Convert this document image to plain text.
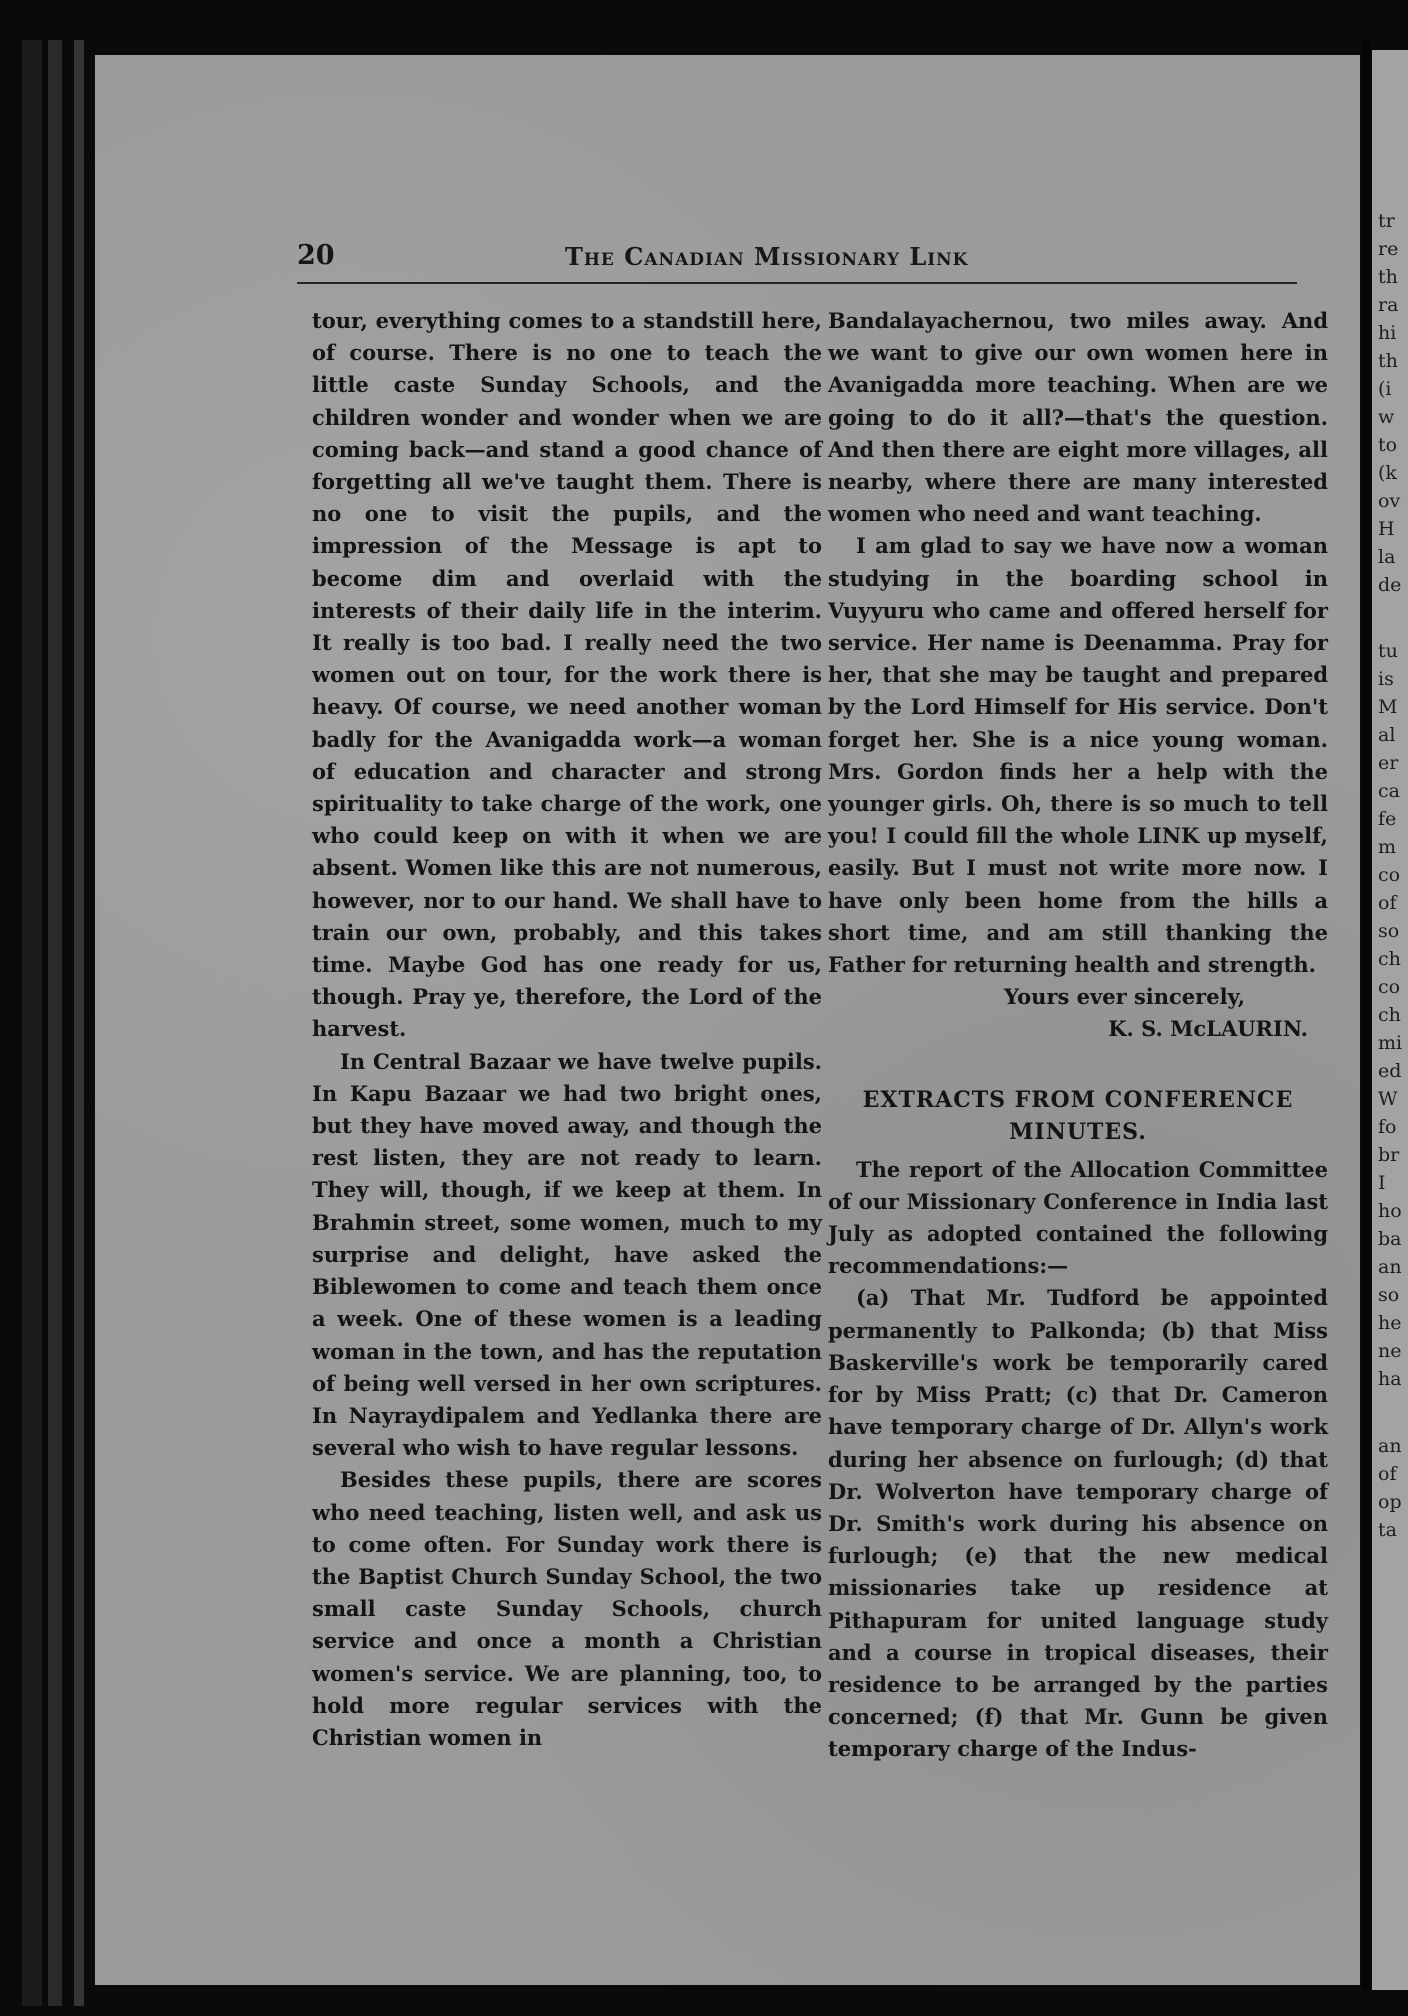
tr
re
th
ra
hi
th
(i
w
to
(k
ov
H
la
de
tu
is
M
al
er
ca
fe
m
co
of
so
ch
co
ch
mi
ed
W
fo
br
I
ho
ba
an
so
he
ne
ha
an
of
op
ta
20	The Canadian Missionary Link

tour, everything comes to a standstill here, of course. There is no one to teach the little caste Sunday Schools, and the children wonder and wonder when we are coming back—and stand a good chance of forgetting all we've taught them. There is no one to visit the pupils, and the impression of the Message is apt to become dim and overlaid with the interests of their daily life in the interim. It really is too bad. I really need the two women out on tour, for the work there is heavy. Of course, we need another woman badly for the Avanigadda work—a woman of education and character and strong spirituality to take charge of the work, one who could keep on with it when we are absent. Women like this are not numerous, however, nor to our hand. We shall have to train our own, probably, and this takes time. Maybe God has one ready for us, though. Pray ye, therefore, the Lord of the harvest.

In Central Bazaar we have twelve pupils. In Kapu Bazaar we had two bright ones, but they have moved away, and though the rest listen, they are not ready to learn. They will, though, if we keep at them. In Brahmin street, some women, much to my surprise and delight, have asked the Biblewomen to come and teach them once a week. One of these women is a leading woman in the town, and has the reputation of being well versed in her own scriptures. In Nayraydipalem and Yedlanka there are several who wish to have regular lessons.

Besides these pupils, there are scores who need teaching, listen well, and ask us to come often. For Sunday work there is the Baptist Church Sunday School, the two small caste Sunday Schools, church service and once a month a Christian women's service. We are planning, too, to hold more regular services with the Christian women in

Bandalayachernou, two miles away. And we want to give our own women here in Avanigadda more teaching. When are we going to do it all?—that's the question. And then there are eight more villages, all nearby, where there are many interested women who need and want teaching.

I am glad to say we have now a woman studying in the boarding school in Vuyyuru who came and offered herself for service. Her name is Deenamma. Pray for her, that she may be taught and prepared by the Lord Himself for His service. Don't forget her. She is a nice young woman. Mrs. Gordon finds her a help with the younger girls. Oh, there is so much to tell you! I could fill the whole LINK up myself, easily. But I must not write more now. I have only been home from the hills a short time, and am still thanking the Father for returning health and strength.

Yours ever sincerely,

K. S. McLAURIN.

EXTRACTS FROM CONFERENCE MINUTES.

The report of the Allocation Committee of our Missionary Conference in India last July as adopted contained the following recommendations:—

(a) That Mr. Tudford be appointed permanently to Palkonda; (b) that Miss Baskerville's work be temporarily cared for by Miss Pratt; (c) that Dr. Cameron have temporary charge of Dr. Allyn's work during her absence on furlough; (d) that Dr. Wolverton have temporary charge of Dr. Smith's work during his absence on furlough; (e) that the new medical missionaries take up residence at Pithapuram for united language study and a course in tropical diseases, their residence to be arranged by the parties concerned; (f) that Mr. Gunn be given temporary charge of the Indus-
